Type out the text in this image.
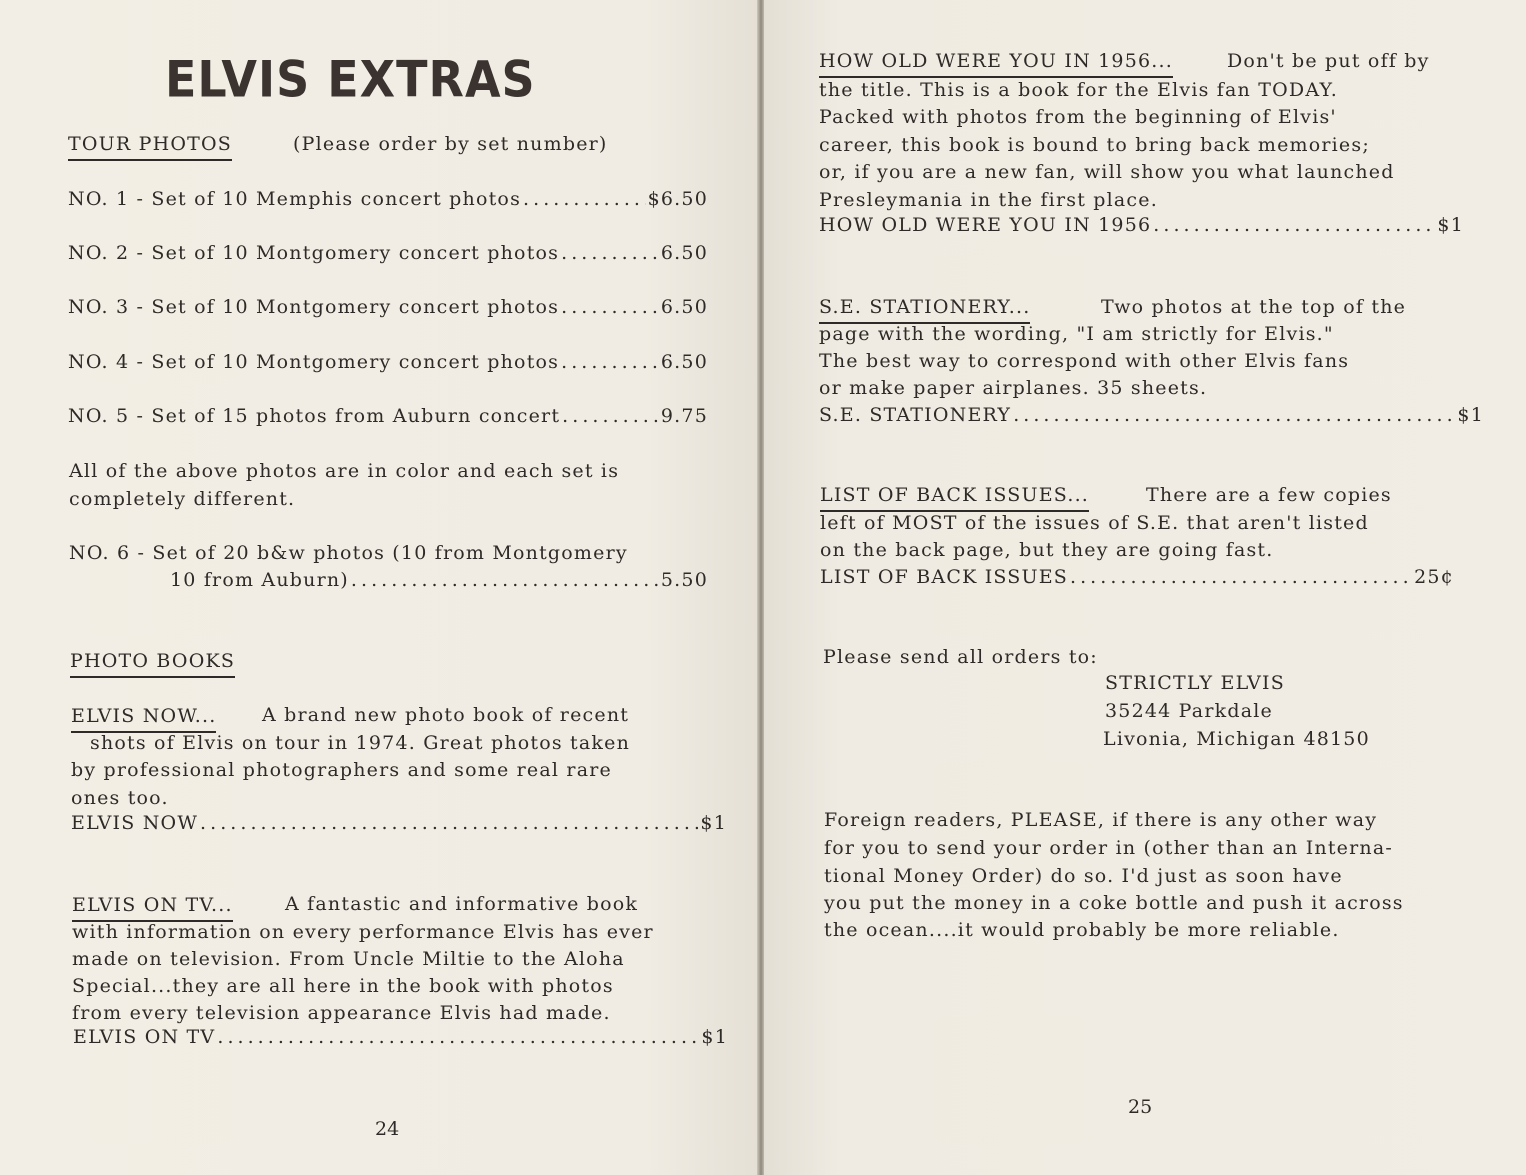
ELVIS EXTRAS
TOUR PHOTOS	(Please order by set number)
NO. 1 - Set of 10 Memphis concert photos . . .	$6.50
NO. 2 - Set of 10 Montgomery concert photos . . .	6.50
NO. 3 - Set of 10 Montgomery concert photos . . .	6.50
NO. 4 - Set of 10 Montgomery concert photos . . .	6.50
NO. 5 - Set of 15 photos from Auburn concert . . .	9.75

All of the above photos are in color and each set is

completely different.

NO. 6 - Set of 20 b&w photos (10 from Montgomery

10 from Auburn) . . .	5.50
PHOTO BOOKS
ELVIS NOW... A brand new photo book of recent

shots of Elvis on tour in 1974. Great photos taken

by professional photographers and some real rare

ones too.

ELVIS NOW . . .	$1
ELVIS ON TV...	A fantastic and informative book

with information on every performance Elvis has ever

made on television. From Uncle Miltie to the Aloha

Special...they are all here in the book with photos

from every television appearance Elvis had made.

ELVIS ON TV . . .	$1
24
HOW OLD WERE YOU IN 1956...	Don't be put off by

the title. This is a book for the Elvis fan TODAY.

Packed with photos from the beginning of Elvis'

career, this book is bound to bring back memories;

or, if you are a new fan, will show you what launched

Presleymania in the first place.

HOW OLD WERE YOU IN 1956 . . .	$1
S.E. STATIONERY...	Two photos at the top of the

page with the wording, "I am strictly for Elvis."

The best way to correspond with other Elvis fans

or make paper airplanes. 35 sheets.

S.E. STATIONERY . . .	$1
LIST OF BACK ISSUES...	There are a few copies

left of MOST of the issues of S.E. that aren't listed

on the back page, but they are going fast.

LIST OF BACK ISSUES . . .	25¢

Please send all orders to:

STRICTLY ELVIS

35244 Parkdale

Livonia, Michigan 48150

Foreign readers, PLEASE, if there is any other way

for you to send your order in (other than an Interna-

tional Money Order) do so. I'd just as soon have

you put the money in a coke bottle and push it across

the ocean....it would probably be more reliable.

25
